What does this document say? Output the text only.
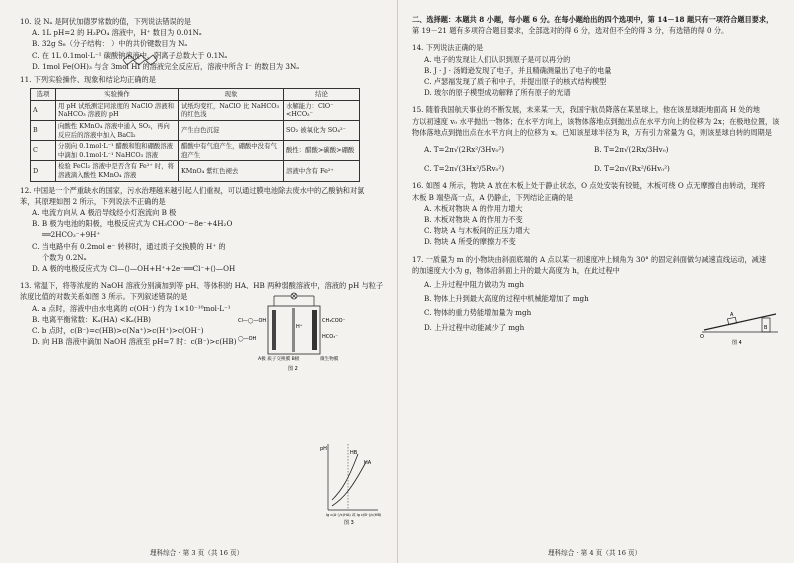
10. 设 Nₐ 是阿伏加德罗常数的值，下列说法错误的是
A. 1L pH=2 的 H₃PO₄ 溶液中，H⁺ 数目为 0.01Nₐ
B. 32g S₈（分子结构： ）中的共价键数目为 Nₐ
C. 在 1L 0.1mol·L⁻¹ 碳酸钠溶液中，阴离子总数大于 0.1Nₐ
D. 1mol Fe(OH)₃ 与含 3mol HI 的溶液完全反应后，溶液中所含 I⁻ 的数目为 3Nₐ
11. 下列实验操作、现象和结论均正确的是
选项	实验操作	现象	结论
A	用 pH 试纸测定同浓度的 NaClO 溶液和 NaHCO₃ 溶液的 pH	试纸均变红，NaClO 比 NaHCO₃ 的红色浅	水解能力：ClO⁻ <HCO₃⁻
B	向酸性 KMnO₄ 溶液中通入 SO₂，再向反应后的溶液中加入 BaCl₂	产生白色沉淀	SO₂ 被氧化为 SO₄²⁻
C	分别向 0.1mol·L⁻¹ 醋酸和饱和硼酸溶液中滴加 0.1mol·L⁻¹ NaHCO₃ 溶液	醋酸中有气泡产生，硼酸中没有气泡产生	酸性：醋酸>碳酸>硼酸
D	检验 FeCl₂ 溶液中是否含有 Fe²⁺ 时，将溶液滴入酸性 KMnO₄ 溶液	KMnO₄ 紫红色褪去	溶液中含有 Fe²⁺
12. 中国是一个严重缺水的国家，污水治理越来越引起人们重视，可以通过膜电池除去废水中的乙酸钠和对氯
苯，其原理如图 2 所示，下列说法不正确的是
A. 电流方向从 A 极沿导线经小灯泡流向 B 极
B. B 极为电池的阳极，电极反应式为 CH₃COO⁻−8e⁻+4H₂O
══2HCO₃⁻+9H⁺
C. 当电路中有 0.2mol e⁻ 转移时，通过质子交换膜的 H⁺ 的
个数为 0.2Nₐ
D. A 极的电极反应式为 Cl—⟨⟩—OH+H⁺+2e⁻══Cl⁻+⟨⟩—OH
13. 常温下，将等浓度的 NaOH 溶液分别滴加到等 pH、等体积的 HA、HB 两种弱酸溶液中，溶液的 pH 与粒子
浓度比值的对数关系如图 3 所示。下列叙述错误的是
A. a 点时，溶液中由水电离的 c(OH⁻) 约为 1×10⁻¹⁰mol·L⁻¹
B. 电离平衡常数：Kₐ(HA) <Kₐ(HB)
C. b 点时，c(B⁻)=c(HB)>c(Na⁺)>c(H⁺)>c(OH⁻)
D. 向 HB 溶液中滴加 NaOH 溶液至 pH=7 时：c(B⁻)>c(HB)
H⁺
CH₃COO⁻
HCO₃⁻
A极 质子交换膜 B极	微生物膜
图 2
Cl—◯—OH
◯—OH
pH
HB
HA
lg c(A⁻)/c(HA) 或 lg c(B⁻)/c(HB)
图 3
理科综合 · 第 3 页（共 16 页）
二、选择题：本题共 8 小题，每小题 6 分。在每小题给出的四个选项中，第 14－18 题只有一项符合题目要求，
第 19－21 题有多项符合题目要求，全部选对的得 6 分，选对但不全的得 3 分，有选错的得 0 分。
14. 下列说法正确的是
A. 电子的发现让人们认识到原子是可以再分的
B. J · J · 汤姆逊发现了电子，并且精确测量出了电子的电量
C. 卢瑟福发现了质子和中子，并提出原子的核式结构模型
D. 玻尔的原子模型成功解释了所有原子的光谱
15. 随着我国航天事业的不断发展，未来某一天，我国宇航员降落在某星球上，他在该星球距地面高 H 处的地
方以初速度 v₀ 水平抛出一物体；在水平方向上，该物体落地点到抛出点在水平方向上的位移为 2x；在极地位置，该
物体落地点到抛出点在水平方向上的位移为 x。已知该星球半径为 R，万有引力常量为 G，则该星球自转的周期是
A. T=2π√(2Rx²/3Hv₀²)	B. T=2π√(2Rx/3Hv₀)
C. T=2π√(3Hx²/5Rv₀²)	D. T=2π√(Rx²/6Hv₀²)
16. 如图 4 所示，物块 A 放在木板上处于静止状态，O 点处安装有铰链，木板可绕 O 点无摩擦自由转动，现将
木板 B 端垫高一点，A 仍静止，下列结论正确的是
A. 木板对物块 A 的作用力增大
B. 木板对物块 A 的作用力不变
C. 物块 A 与木板间的正压力增大
D. 物块 A 所受的摩擦力不变
17. 一质量为 m 的小物块由斜面底端的 A 点以某一初速度冲上倾角为 30° 的固定斜面做匀减速直线运动，减速
的加速度大小为 g，物体沿斜面上升的最大高度为 h，在此过程中
A. 上升过程中阻力做功为 mgh
B. 物体上升到最大高度的过程中机械能增加了 mgh
C. 物体的重力势能增加量为 mgh
D. 上升过程中动能减少了 mgh
A
B
O
图 4
理科综合 · 第 4 页（共 16 页）
